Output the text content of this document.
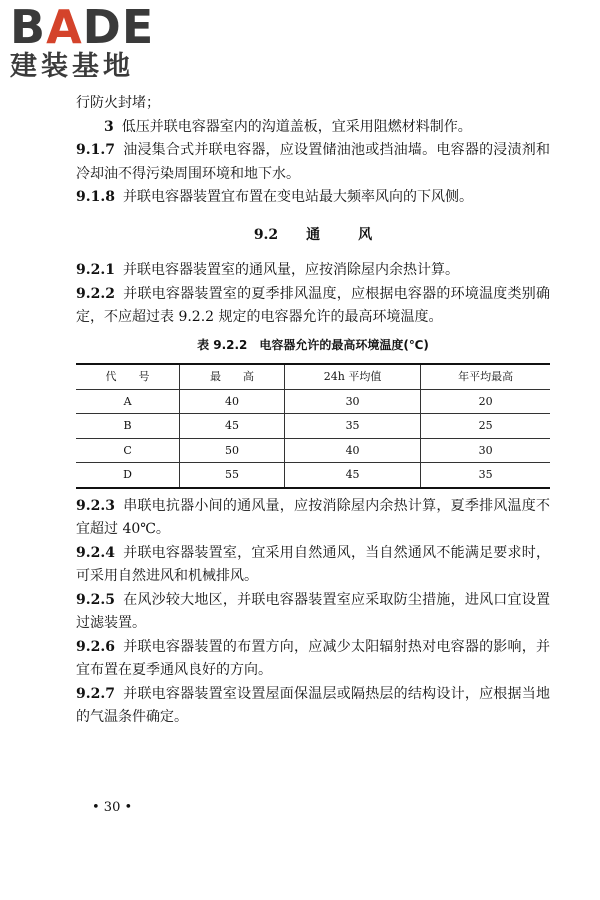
BADE
建装基地

行防火封堵；

3 低压并联电容器室内的沟道盖板，宜采用阻燃材料制作。

9.1.7 油浸集合式并联电容器，应设置储油池或挡油墙。电容器的浸渍剂和冷却油不得污染周围环境和地下水。

9.1.8 并联电容器装置宜布置在变电站最大频率风向的下风侧。

9.2 通	风

9.2.1 并联电容器装置室的通风量，应按消除屋内余热计算。

9.2.2 并联电容器装置室的夏季排风温度，应根据电容器的环境温度类别确定，不应超过表 9.2.2 规定的电容器允许的最高环境温度。

表 9.2.2　电容器允许的最高环境温度(℃)
代　　号	最　　高	24h 平均值	年平均最高
A	40	30	20
B	45	35	25
C	50	40	30
D	55	45	35

9.2.3 串联电抗器小间的通风量，应按消除屋内余热计算，夏季排风温度不宜超过 40℃。

9.2.4 并联电容器装置室，宜采用自然通风，当自然通风不能满足要求时，可采用自然进风和机械排风。

9.2.5 在风沙较大地区，并联电容器装置室应采取防尘措施，进风口宜设置过滤装置。

9.2.6 并联电容器装置的布置方向，应减少太阳辐射热对电容器的影响，并宜布置在夏季通风良好的方向。

9.2.7 并联电容器装置室设置屋面保温层或隔热层的结构设计，应根据当地的气温条件确定。

• 30 •
